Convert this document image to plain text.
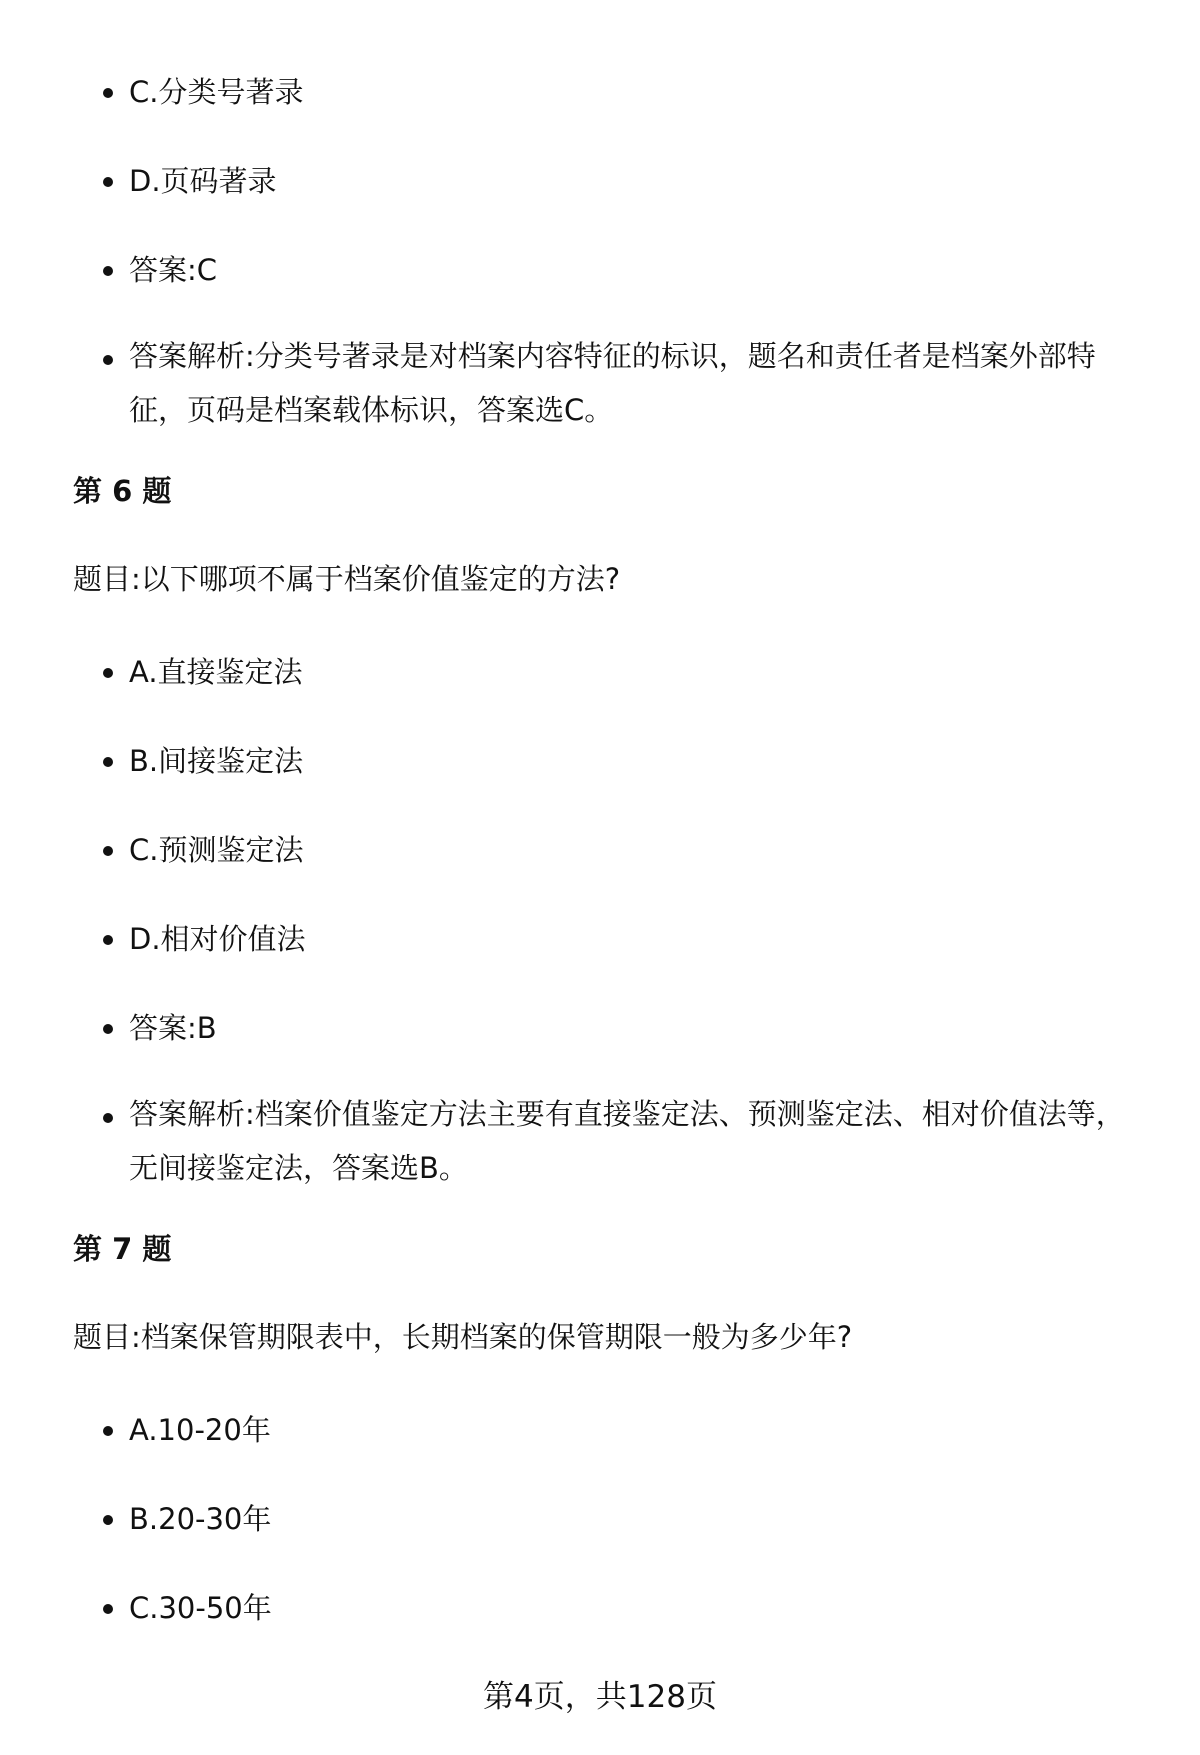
C.分类号著录
D.页码著录
答案:C
答案解析:分类号著录是对档案内容特征的标识，题名和责任者是档案外部特征，页码是档案载体标识，答案选C。
第 6 题
题目:以下哪项不属于档案价值鉴定的方法?
A.直接鉴定法
B.间接鉴定法
C.预测鉴定法
D.相对价值法
答案:B
答案解析:档案价值鉴定方法主要有直接鉴定法、预测鉴定法、相对价值法等，无间接鉴定法，答案选B。
第 7 题
题目:档案保管期限表中，长期档案的保管期限一般为多少年?
A.10-20年
B.20-30年
C.30-50年
第4页，共128页
